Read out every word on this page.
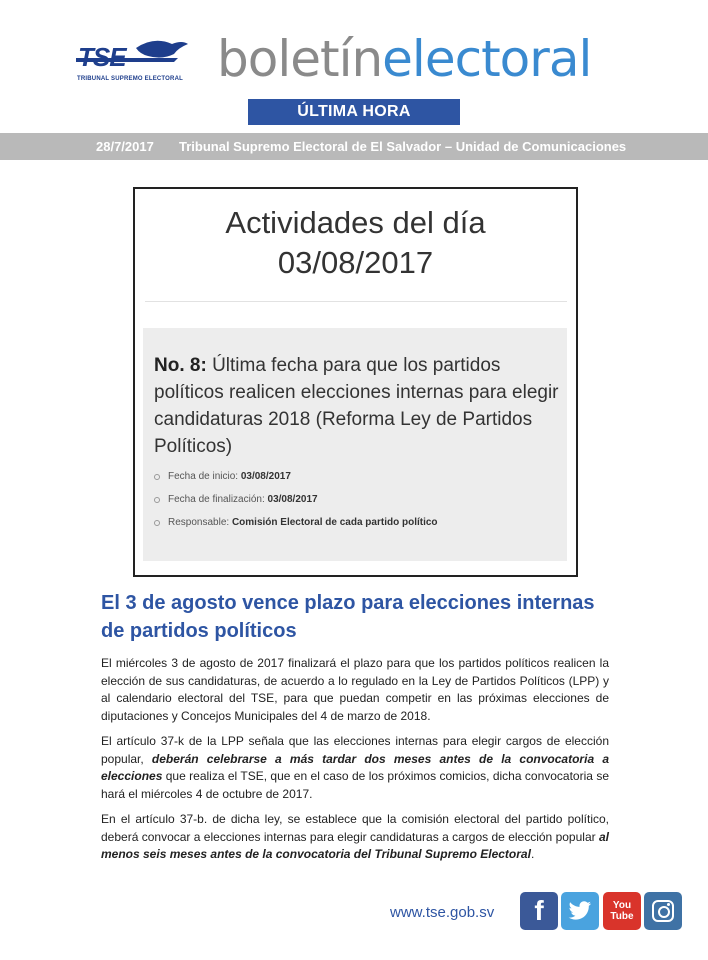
TSE
TRIBUNAL SUPREMO ELECTORAL boletínelectoral
ÚLTIMA HORA
28/7/2017 Tribunal Supremo Electoral de El Salvador – Unidad de Comunicaciones
Actividades del día
03/08/2017
No. 8: Última fecha para que los partidos políticos realicen elecciones internas para elegir candidaturas 2018 (Reforma Ley de Partidos Políticos)
Fecha de inicio: 03/08/2017
Fecha de finalización: 03/08/2017
Responsable: Comisión Electoral de cada partido político
El 3 de agosto vence plazo para elecciones internas de partidos políticos

El miércoles 3 de agosto de 2017 finalizará el plazo para que los partidos políticos realicen la elección de sus candidaturas, de acuerdo a lo regulado en la Ley de Partidos Políticos (LPP) y al calendario electoral del TSE, para que puedan competir en las próximas elecciones de diputaciones y Concejos Municipales del 4 de marzo de 2018.

El artículo 37-k de la LPP señala que las elecciones internas para elegir cargos de elección popular, deberán celebrarse a más tardar dos meses antes de la convocatoria a elecciones que realiza el TSE, que en el caso de los próximos comicios, dicha convocatoria se hará el miércoles 4 de octubre de 2017.

En el artículo 37-b. de dicha ley, se establece que la comisión electoral del partido político, deberá convocar a elecciones internas para elegir candidaturas a cargos de elección popular al menos seis meses antes de la convocatoria del Tribunal Supremo Electoral.

www.tse.gob.sv f	You
Tube
